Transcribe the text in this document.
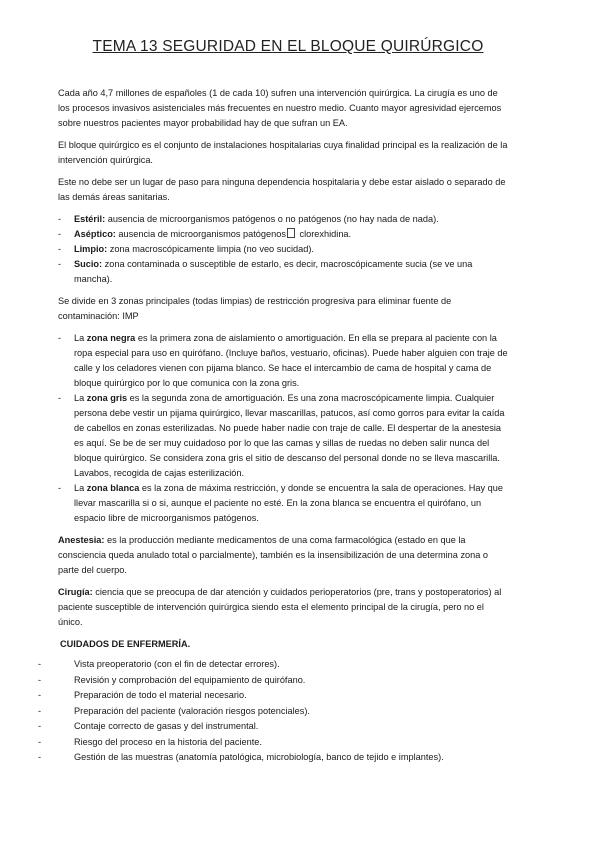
TEMA 13 SEGURIDAD EN EL BLOQUE QUIRÚRGICO

Cada año 4,7 millones de españoles (1 de cada 10) sufren una intervención quirúrgica. La cirugía es uno de los procesos invasivos asistenciales más frecuentes en nuestro medio. Cuanto mayor agresividad ejercemos sobre nuestros pacientes mayor probabilidad hay de que sufran un EA.

El bloque quirúrgico es el conjunto de instalaciones hospitalarias cuya finalidad principal es la realización de la intervención quirúrgica.

Este no debe ser un lugar de paso para ninguna dependencia hospitalaria y debe estar aislado o separado de las demás áreas sanitarias.

- Estéril: ausencia de microorganismos patógenos o no patógenos (no hay nada de nada).
- Aséptico: ausencia de microorganismos patógenos clorexhidina.
- Limpio: zona macroscópicamente limpia (no veo sucidad).
- Sucio: zona contaminada o susceptible de estarlo, es decir, macroscópicamente sucia (se ve una mancha).

Se divide en 3 zonas principales (todas limpias) de restricción progresiva para eliminar fuente de contaminación: IMP

- La zona negra es la primera zona de aislamiento o amortiguación. En ella se prepara al paciente con la ropa especial para uso en quirófano. (Incluye baños, vestuario, oficinas). Puede haber alguien con traje de calle y los celadores vienen con pijama blanco. Se hace el intercambio de cama de hospital y cama de bloque quirúrgico por lo que comunica con la zona gris.
- La zona gris es la segunda zona de amortiguación. Es una zona macroscópicamente limpia. Cualquier persona debe vestir un pijama quirúrgico, llevar mascarillas, patucos, así como gorros para evitar la caída de cabellos en zonas esterilizadas. No puede haber nadie con traje de calle. El despertar de la anestesia es aquí. Se be de ser muy cuidadoso por lo que las camas y sillas de ruedas no deben salir nunca del bloque quirúrgico. Se considera zona gris el sitio de descanso del personal donde no se lleva mascarilla. Lavabos, recogida de cajas esterilización.
- La zona blanca es la zona de máxima restricción, y donde se encuentra la sala de operaciones. Hay que llevar mascarilla si o si, aunque el paciente no esté. En la zona blanca se encuentra el quirófano, un espacio libre de microorganismos patógenos.

Anestesia: es la producción mediante medicamentos de una coma farmacológica (estado en que la consciencia queda anulado total o parcialmente), también es la insensibilización de una determina zona o parte del cuerpo.

Cirugía: ciencia que se preocupa de dar atención y cuidados perioperatorios (pre, trans y postoperatorios) al paciente susceptible de intervención quirúrgica siendo esta el elemento principal de la cirugía, pero no el único.

CUIDADOS DE ENFERMERÍA.
- Vista preoperatorio (con el fin de detectar errores).
- Revisión y comprobación del equipamiento de quirófano.
- Preparación de todo el material necesario.
- Preparación del paciente (valoración riesgos potenciales).
- Contaje correcto de gasas y del instrumental.
- Riesgo del proceso en la historia del paciente.
- Gestión de las muestras (anatomía patológica, microbiología, banco de tejido e implantes).
